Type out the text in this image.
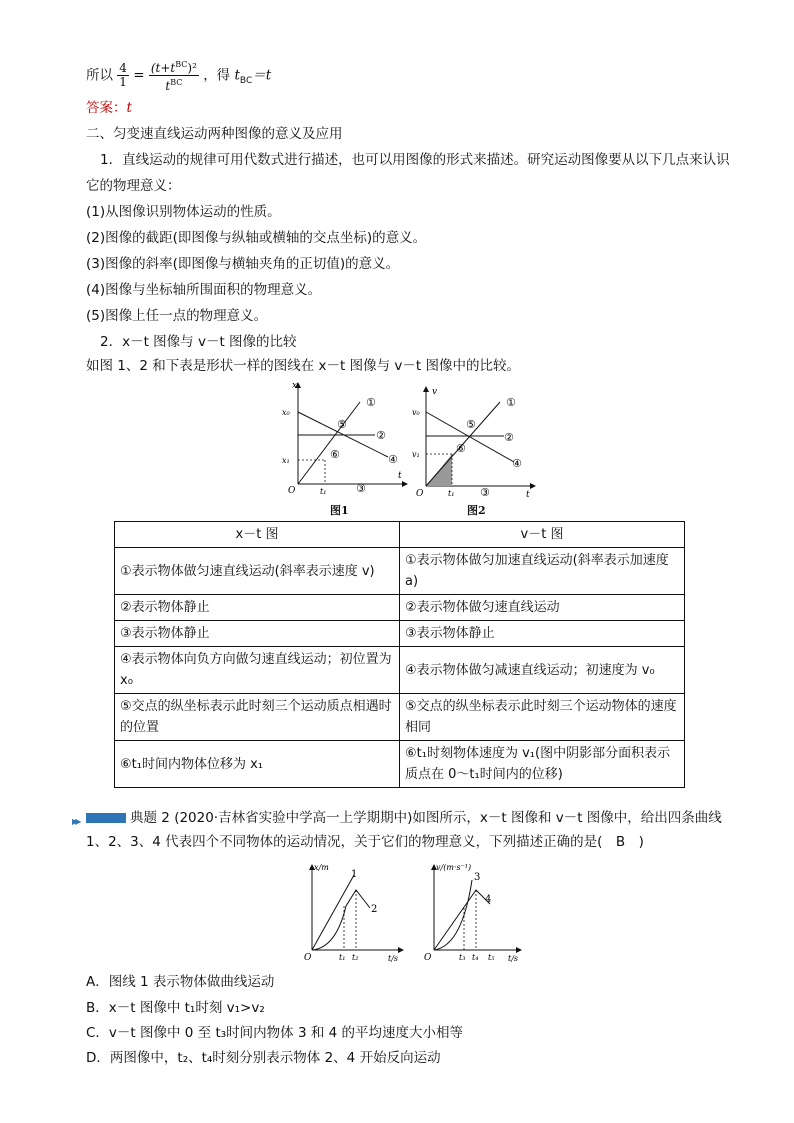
所以 $\frac{4}{1} = \frac{(t+t^{BC})^2}{t^{BC}}$ ，得 $t_{BC}=t$
答案：t
二、匀变速直线运动两种图像的意义及应用
1．直线运动的规律可用代数式进行描述，也可以用图像的形式来描述。研究运动图像要从以下几点来认识
它的物理意义：
(1)从图像识别物体运动的性质。
(2)图像的截距(即图像与纵轴或横轴的交点坐标)的意义。
(3)图像的斜率(即图像与横轴夹角的正切值)的意义。
(4)图像与坐标轴所围面积的物理意义。
(5)图像上任一点的物理意义。
2．x－t 图像与 v－t 图像的比较
如图 1、2 和下表是形状一样的图线在 x－t 图像与 v－t 图像中的比较。
x
t
O
x₀
x₁
t₁
①
②
③
④
⑤
⑥
图1
v
t
O
v₀
v₁
t₁
①
②
③
④
⑤
⑥
图2
x－t 图	v－t 图
①表示物体做匀速直线运动(斜率表示速度 v)	①表示物体做匀加速直线运动(斜率表示加速度 a)
②表示物体静止	②表示物体做匀速直线运动
③表示物体静止	③表示物体静止
④表示物体向负方向做匀速直线运动；初位置为 x₀	④表示物体做匀减速直线运动；初速度为 v₀
⑤交点的纵坐标表示此时刻三个运动质点相遇时的位置	⑤交点的纵坐标表示此时刻三个运动物体的速度相同
⑥t₁时间内物体位移为 x₁	⑥t₁时刻物体速度为 v₁(图中阴影部分面积表示质点在 0～t₁时间内的位移)
▶▶典题 2 (2020·吉林省实验中学高一上学期期中)如图所示，x－t 图像和 v－t 图像中，给出四条曲线 1、2、3、4 代表四个不同物体的运动情况，关于它们的物理意义，下列描述正确的是(　B　)
x/m
t/s
O	t₁ t₂
1
2
v/(m·s⁻¹)
t/s
O	t₃ t₄ t₅
3
4
A．图线 1 表示物体做曲线运动
B．x－t 图像中 t₁时刻 v₁>v₂
C．v－t 图像中 0 至 t₃时间内物体 3 和 4 的平均速度大小相等
D．两图像中，t₂、t₄时刻分别表示物体 2、4 开始反向运动
